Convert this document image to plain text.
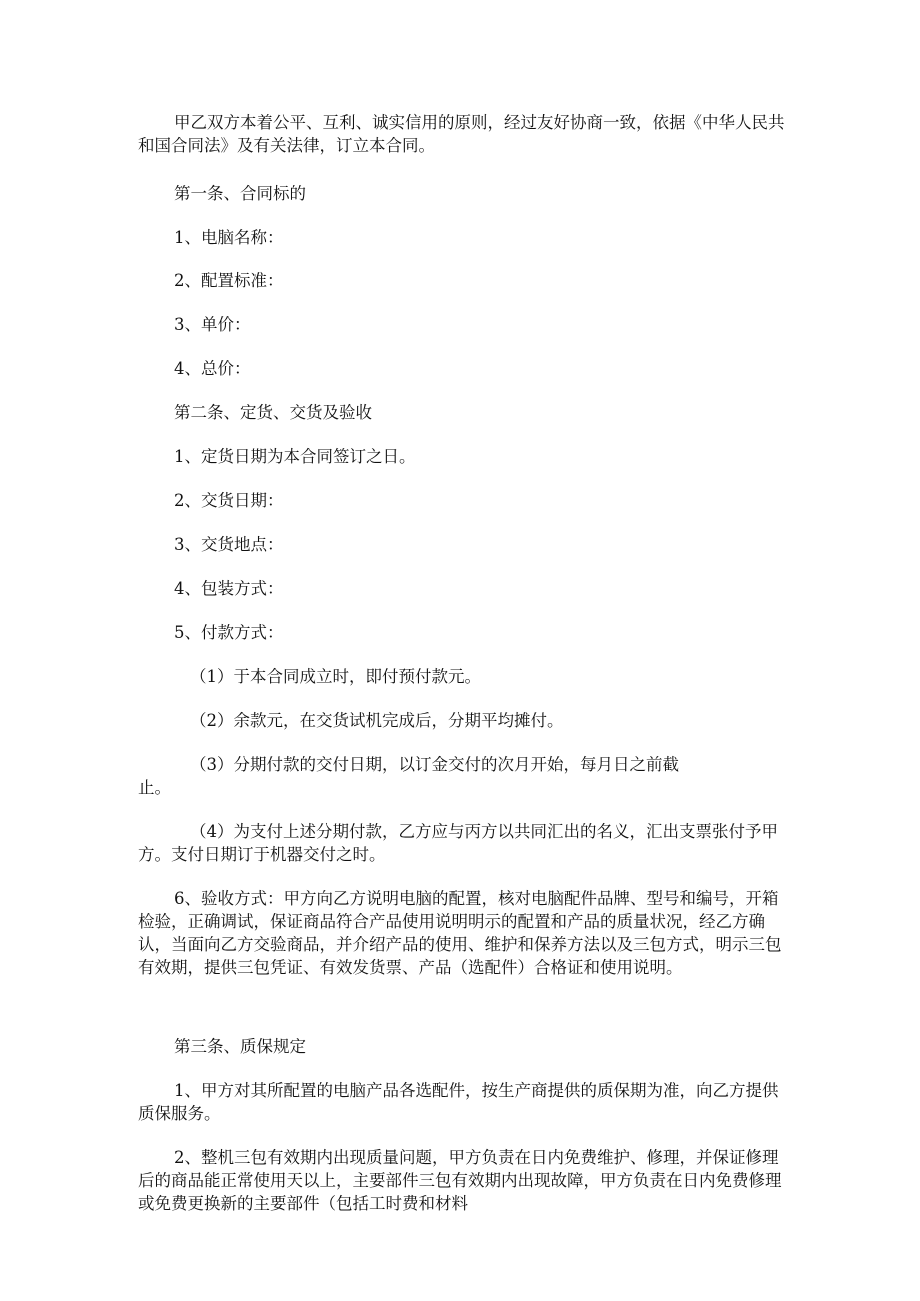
甲乙双方本着公平、互利、诚实信用的原则，经过友好协商一致，依据《中华人民共和国合同法》及有关法律，订立本合同。

第一条、合同标的

1、电脑名称：

2、配置标准：

3、单价：

4、总价：

第二条、定货、交货及验收

1、定货日期为本合同签订之日。

2、交货日期：

3、交货地点：

4、包装方式：

5、付款方式：

（1）于本合同成立时，即付预付款元。

（2）余款元，在交货试机完成后，分期平均摊付。

（3）分期付款的交付日期，以订金交付的次月开始，每月日之前截止。

（4）为支付上述分期付款，乙方应与丙方以共同汇出的名义，汇出支票张付予甲方。支付日期订于机器交付之时。

6、验收方式：甲方向乙方说明电脑的配置，核对电脑配件品牌、型号和编号，开箱检验，正确调试，保证商品符合产品使用说明明示的配置和产品的质量状况，经乙方确认，当面向乙方交验商品，并介绍产品的使用、维护和保养方法以及三包方式，明示三包有效期，提供三包凭证、有效发货票、产品（选配件）合格证和使用说明。

第三条、质保规定

1、甲方对其所配置的电脑产品各选配件，按生产商提供的质保期为准，向乙方提供质保服务。

2、整机三包有效期内出现质量问题，甲方负责在日内免费维护、修理，并保证修理后的商品能正常使用天以上，主要部件三包有效期内出现故障，甲方负责在日内免费修理或免费更换新的主要部件（包括工时费和材料
